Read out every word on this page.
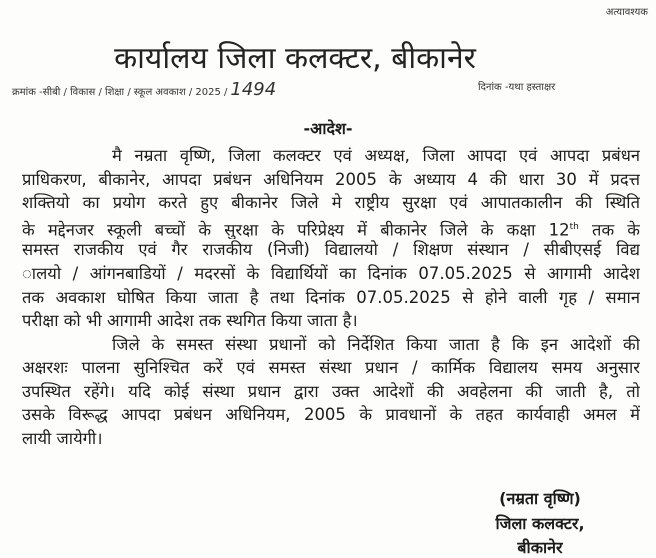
अत्यावश्यक
कार्यालय जिला कलक्टर, बीकानेर
क्रमांक -सीबी / विकास / शिक्षा / स्कूल अवकाश / 2025 / 1494	दिनांक -यथा हस्ताक्षर
-आदेश-
मै नम्रता वृष्णि, जिला कलक्टर एवं अध्यक्ष, जिला आपदा एवं आपदा प्रबंधन
प्राधिकरण, बीकानेर, आपदा प्रबंधन अधिनियम 2005 के अध्याय 4 की धारा 30 में प्रदत्त
शक्तियो का प्रयोग करते हुए बीकानेर जिले मे राष्ट्रीय सुरक्षा एवं आपातकालीन की स्थिति
के मद्देनजर स्कूली बच्चों के सुरक्षा के परिप्रेक्ष्य में बीकानेर जिले के कक्षा 12th तक के
समस्त राजकीय एवं गैर राजकीय (निजी) विद्यालयो / शिक्षण संस्थान / सीबीएसई विद्य
ालयो / आंगनबाडियों / मदरसों के विद्यार्थियों का दिनांक 07.05.2025 से आगामी आदेश
तक अवकाश घोषित किया जाता है तथा दिनांक 07.05.2025 से होने वाली गृह / समान
परीक्षा को भी आगामी आदेश तक स्थगित किया जाता है।
जिले के समस्त संस्था प्रधानों को निर्देशित किया जाता है कि इन आदेशों की
अक्षरशः पालना सुनिश्चित करें एवं समस्त संस्था प्रधान / कार्मिक विद्यालय समय अनुसार
उपस्थित रहेंगे। यदि कोई संस्था प्रधान द्वारा उक्त आदेशों की अवहेलना की जाती है, तो
उसके विरूद्ध आपदा प्रबंधन अधिनियम, 2005 के प्रावधानों के तहत कार्यवाही अमल में
लायी जायेगी।
(नम्रता वृष्णि)
जिला कलक्टर,
बीकानेर
